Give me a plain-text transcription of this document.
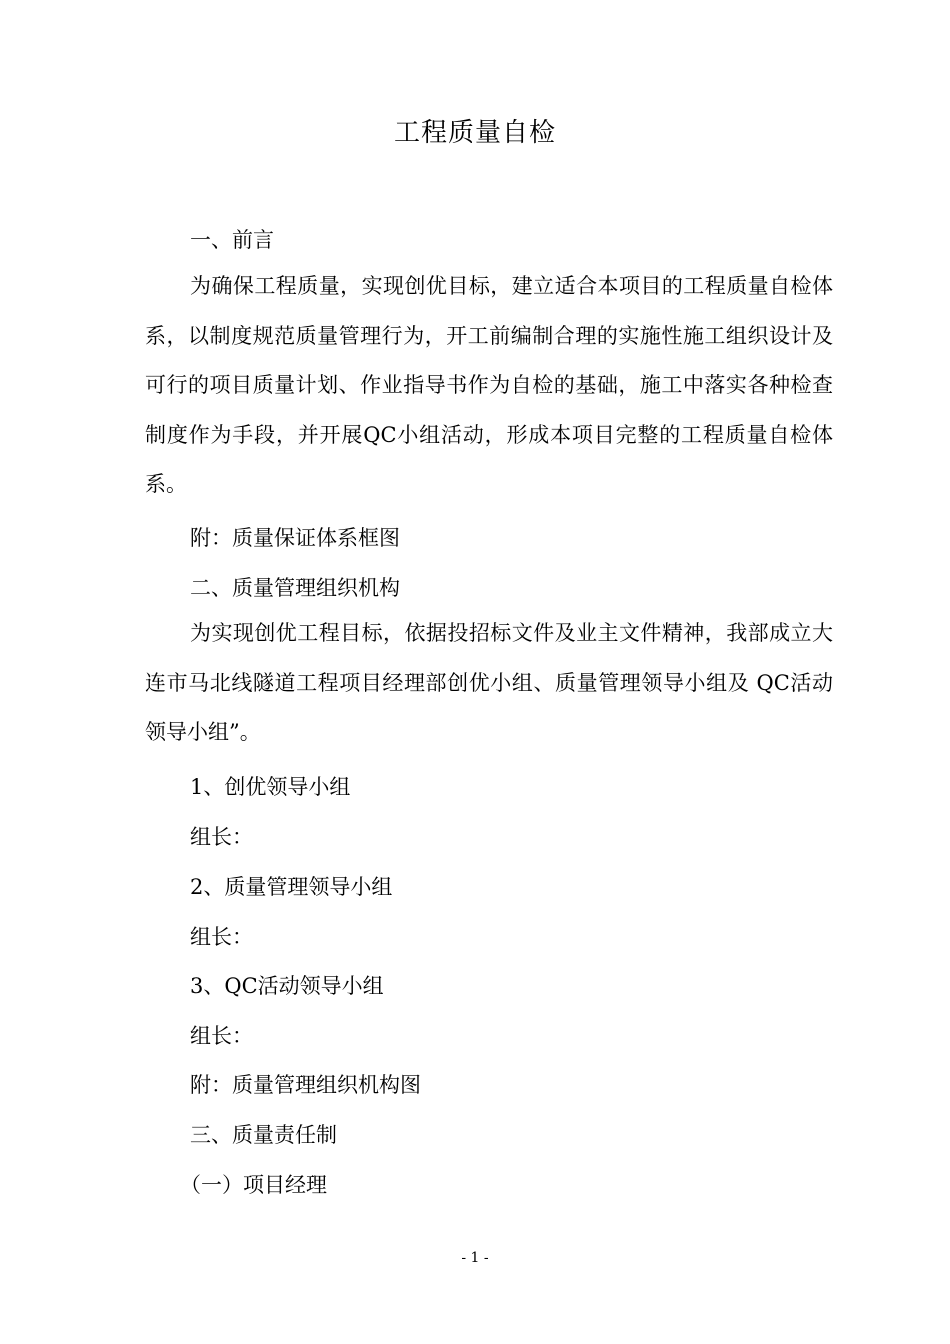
工程质量自检
一、前言
为确保工程质量，实现创优目标，建立适合本项目的工程质量自检体系，以制度规范质量管理行为，开工前编制合理的实施性施工组织设计及可行的项目质量计划、作业指导书作为自检的基础，施工中落实各种检查制度作为手段，并开展QC小组活动，形成本项目完整的工程质量自检体系。
附：质量保证体系框图
二、质量管理组织机构
为实现创优工程目标，依据投招标文件及业主文件精神，我部成立大连市马北线隧道工程项目经理部创优小组、质量管理领导小组及 QC活动领导小组”。
1、创优领导小组
组长：
2、质量管理领导小组
组长：
3、QC活动领导小组
组长：
附：质量管理组织机构图
三、质量责任制
（一）项目经理
- 1 -
